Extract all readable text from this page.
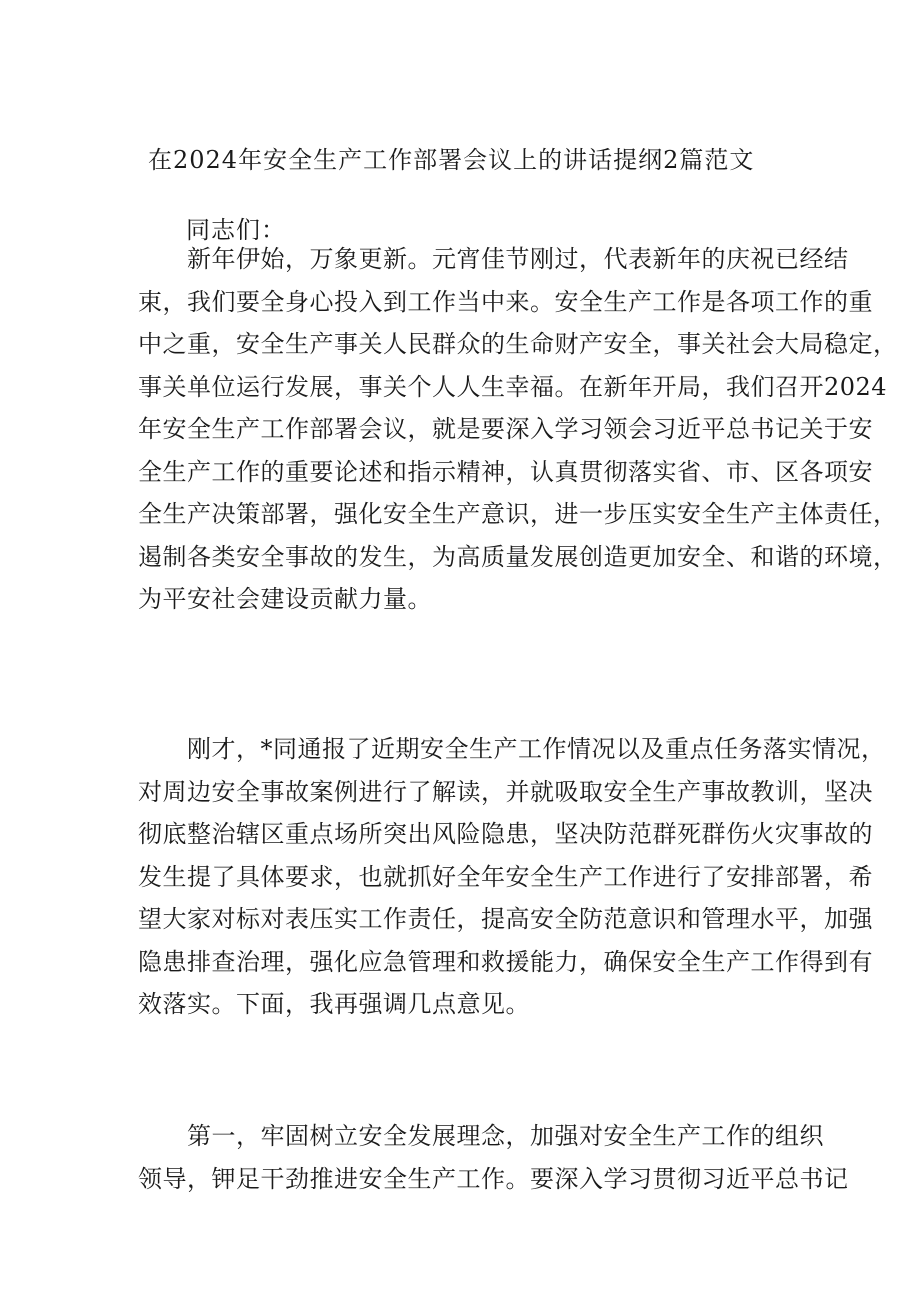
在2024年安全生产工作部署会议上的讲话提纲2篇范文
同志们：
　　新年伊始，万象更新。元宵佳节刚过，代表新年的庆祝已经结
束，我们要全身心投入到工作当中来。安全生产工作是各项工作的重
中之重，安全生产事关人民群众的生命财产安全，事关社会大局稳定，
事关单位运行发展，事关个人人生幸福。在新年开局，我们召开2024
年安全生产工作部署会议，就是要深入学习领会习近平总书记关于安
全生产工作的重要论述和指示精神，认真贯彻落实省、市、区各项安
全生产决策部署，强化安全生产意识，进一步压实安全生产主体责任，
遏制各类安全事故的发生，为高质量发展创造更加安全、和谐的环境，
为平安社会建设贡献力量。
　　刚才，*同通报了近期安全生产工作情况以及重点任务落实情况，
对周边安全事故案例进行了解读，并就吸取安全生产事故教训，坚决
彻底整治辖区重点场所突出风险隐患，坚决防范群死群伤火灾事故的
发生提了具体要求，也就抓好全年安全生产工作进行了安排部署，希
望大家对标对表压实工作责任，提高安全防范意识和管理水平，加强
隐患排查治理，强化应急管理和救援能力，确保安全生产工作得到有
效落实。下面，我再强调几点意见。
　　第一，牢固树立安全发展理念，加强对安全生产工作的组织
领导，钾足干劲推进安全生产工作。要深入学习贯彻习近平总书记
